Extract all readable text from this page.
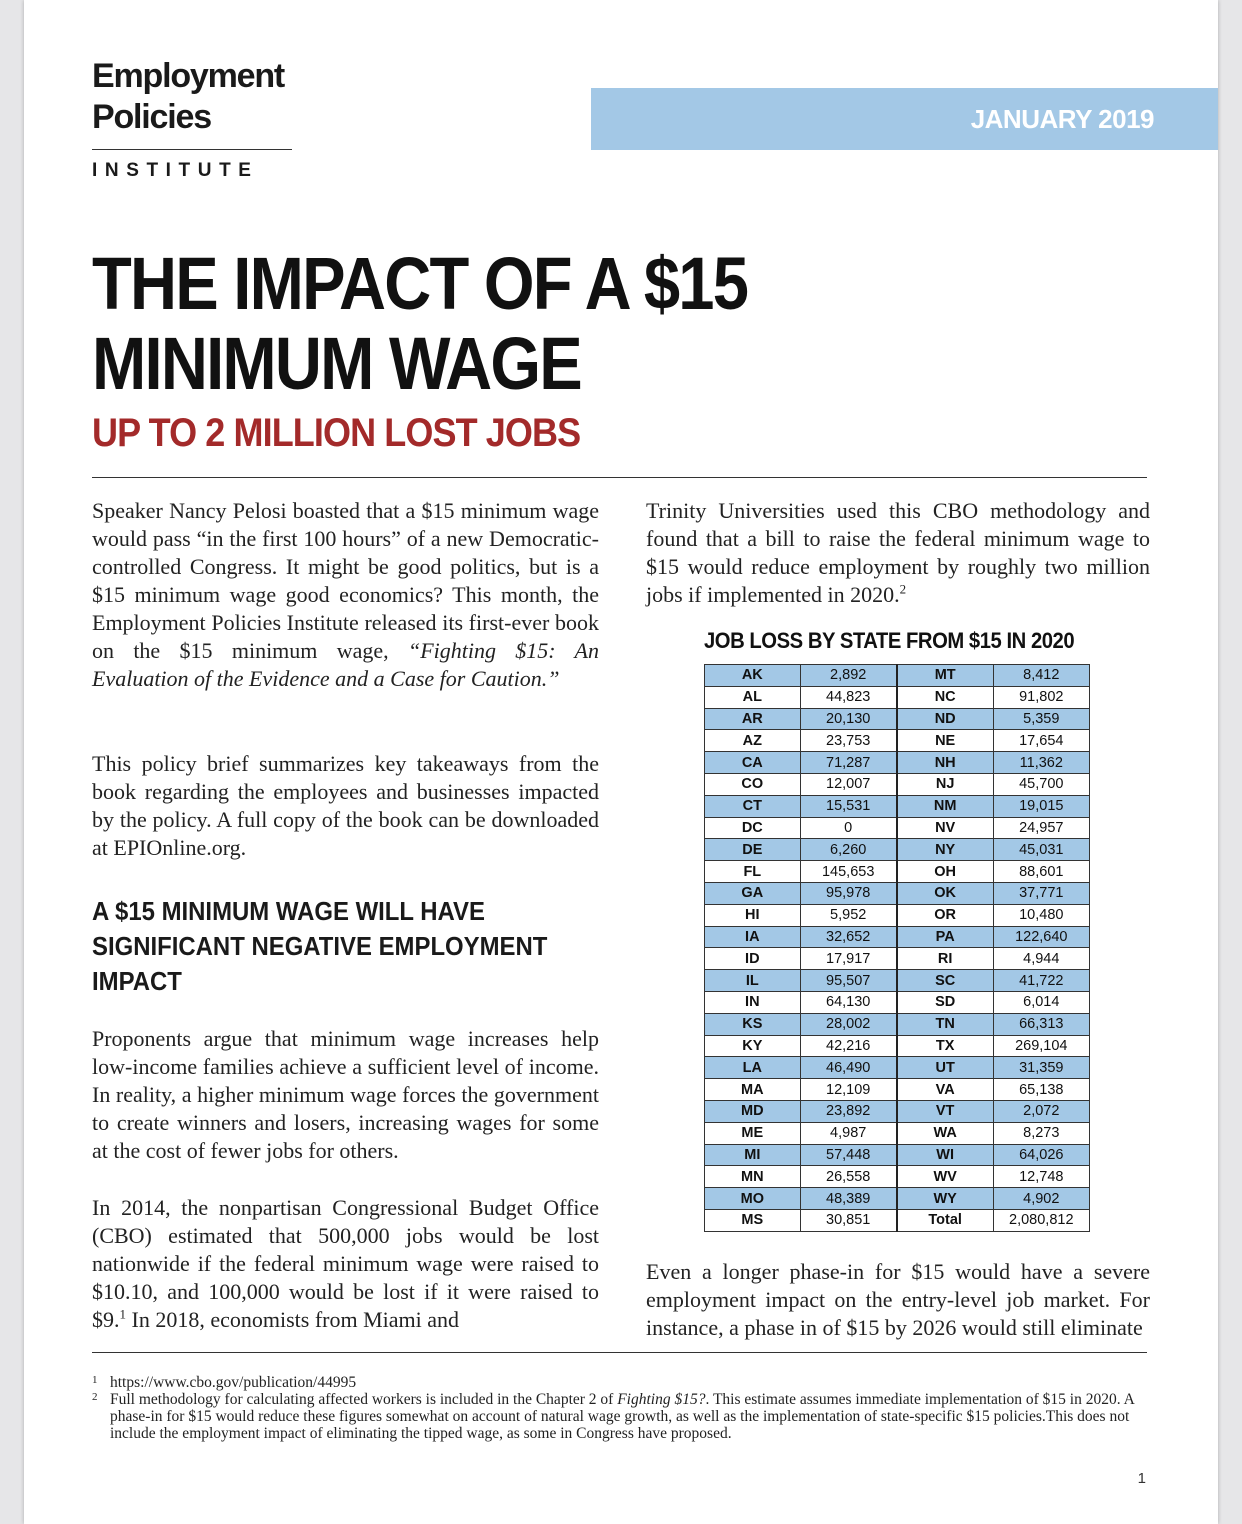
Employment
Policies
INSTITUTE
JANUARY 2019
THE IMPACT OF A $15
MINIMUM WAGE
UP TO 2 MILLION LOST JOBS

Speaker Nancy Pelosi boasted that a $15 minimum wage would pass “in the first 100 hours” of a new Democratic-controlled Congress. It might be good politics, but is a $15 minimum wage good economics? This month, the Employment Policies Institute released its first-ever book on the $15 minimum wage, “Fighting $15: An Evaluation of the Evidence and a Case for Caution.”

This policy brief summarizes key takeaways from the book regarding the employees and businesses impacted by the policy. A full copy of the book can be downloaded at EPIOnline.org.

A $15 MINIMUM WAGE WILL HAVE SIGNIFICANT NEGATIVE EMPLOYMENT IMPACT

Proponents argue that minimum wage increases help low-income families achieve a sufficient level of income. In reality, a higher minimum wage forces the government to create winners and losers, increasing wages for some at the cost of fewer jobs for others.

In 2014, the nonpartisan Congressional Budget Office (CBO) estimated that 500,000 jobs would be lost nationwide if the federal minimum wage were raised to $10.10, and 100,000 would be lost if it were raised to $9.$^1$ In 2018, economists from Miami and

Trinity Universities used this CBO methodology and found that a bill to raise the federal minimum wage to $15 would reduce employment by roughly two million jobs if implemented in 2020.$^2$

JOB LOSS BY STATE FROM $15 IN 2020
AK	2,892	MT	8,412
AL	44,823	NC	91,802
AR	20,130	ND	5,359
AZ	23,753	NE	17,654
CA	71,287	NH	11,362
CO	12,007	NJ	45,700
CT	15,531	NM	19,015
DC	0	NV	24,957
DE	6,260	NY	45,031
FL	145,653	OH	88,601
GA	95,978	OK	37,771
HI	5,952	OR	10,480
IA	32,652	PA	122,640
ID	17,917	RI	4,944
IL	95,507	SC	41,722
IN	64,130	SD	6,014
KS	28,002	TN	66,313
KY	42,216	TX	269,104
LA	46,490	UT	31,359
MA	12,109	VA	65,138
MD	23,892	VT	2,072
ME	4,987	WA	8,273
MI	57,448	WI	64,026
MN	26,558	WV	12,748
MO	48,389	WY	4,902
MS	30,851	Total	2,080,812

Even a longer phase-in for $15 would have a severe employment impact on the entry-level job market. For instance, a phase in of $15 by 2026 would still eliminate

1 https://www.cbo.gov/publication/44995
2 Full methodology for calculating affected workers is included in the Chapter 2 of Fighting $15?. This estimate assumes immediate implementation of $15 in 2020. A phase-in for $15 would reduce these figures somewhat on account of natural wage growth, as well as the implementation of state-specific $15 policies.This does not include the employment impact of eliminating the tipped wage, as some in Congress have proposed.
1
